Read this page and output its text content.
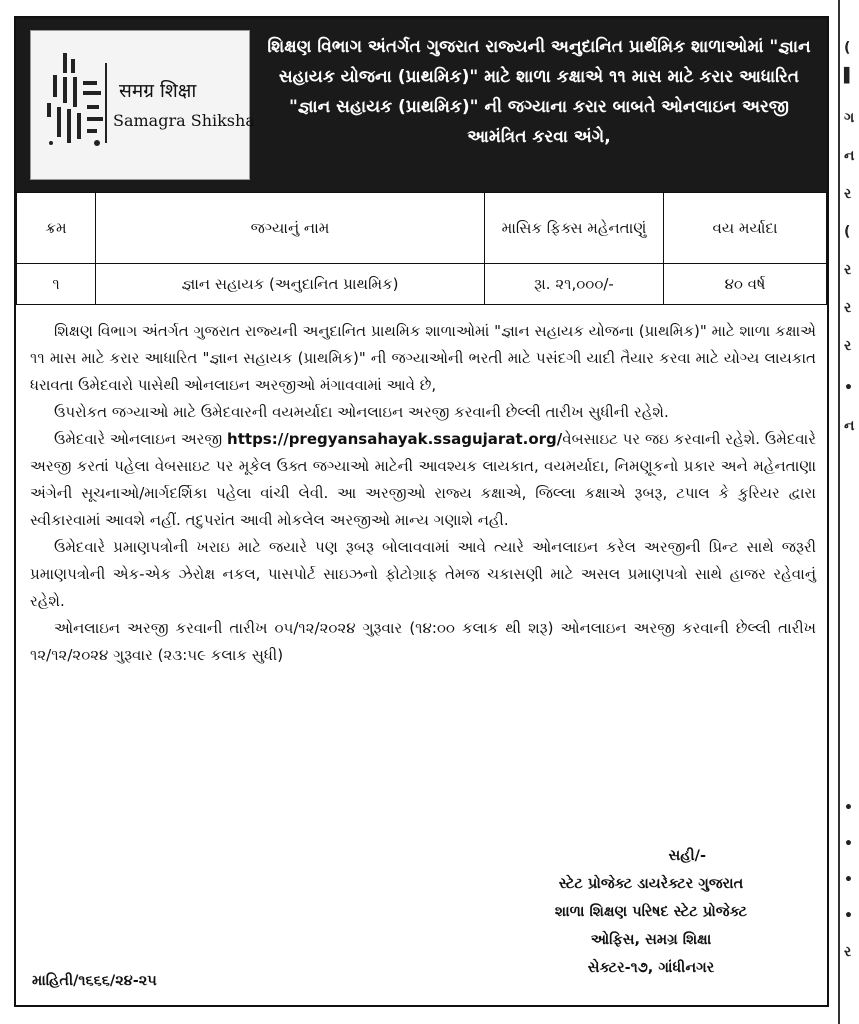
समग्र शिक्षा
Samagra Shiksha
શિક્ષણ વિભાગ અંતર્ગત ગુજરાત રાજ્યની અનુદાનિત પ્રાર્થમિક શાળાઓમાં "જ્ઞાન સહાયક યોજના (પ્રાથમિક)" માટે શાળા કક્ષાએ ૧૧ માસ માટે કરાર આધારિત "જ્ઞાન સહાયક (પ્રાથમિક)" ની જગ્યાના કરાર બાબતે ઓનલાઇન અરજી આમંત્રિત કરવા અંગે,
ક્રમ	જગ્યાનું નામ	માસિક ફિક્સ મહેનતાણું	વય મર્યાદા
૧	જ્ઞાન સહાયક (અનુદાનિત પ્રાથમિક)	રૂા. ૨૧,૦૦૦/-	૪૦ વર્ષ

શિક્ષણ વિભાગ અંતર્ગત ગુજરાત રાજ્યની અનુદાનિત પ્રાથમિક શાળાઓમાં "જ્ઞાન સહાયક યોજના (પ્રાથમિક)" માટે શાળા કક્ષાએ ૧૧ માસ માટે કરાર આધારિત "જ્ઞાન સહાયક (પ્રાથમિક)" ની જગ્યાઓની ભરતી માટે પસંદગી યાદી તૈયાર કરવા માટે યોગ્ય લાયકાત ધરાવતા ઉમેદવારો પાસેથી ઓનલાઇન અરજીઓ મંગાવવામાં આવે છે,

ઉપરોકત જગ્યાઓ માટે ઉમેદવારની વયમર્યાદા ઓનલાઇન અરજી કરવાની છેલ્લી તારીખ સુધીની રહેશે.

ઉમેદવારે ઓનલાઇન અરજી https://pregyansahayak.ssagujarat.org/વેબસાઇટ પર જઇ કરવાની રહેશે. ઉમેદવારે અરજી કરતાં પહેલા વેબસાઇટ પર મૂકેલ ઉક્ત જગ્યાઓ માટેની આવશ્યક લાયકાત, વયમર્યાદા, નિમણૂકનો પ્રકાર અને મહેનતાણા અંગેની સૂચનાઓ/માર્ગદર્શિકા પહેલા વાંચી લેવી. આ અરજીઓ રાજ્ય કક્ષાએ, જિલ્લા કક્ષાએ રૂબરૂ, ટપાલ કે કુરિયર દ્વારા સ્વીકારવામાં આવશે નહીં. તદુપરાંત આવી મોકલેલ અરજીઓ માન્ય ગણાશે નહી.

ઉમેદવારે પ્રમાણપત્રોની ખરાઇ માટે જયારે પણ રૂબરૂ બોલાવવામાં આવે ત્યારે ઓનલાઇન કરેલ અરજીની પ્રિન્ટ સાથે જરૂરી પ્રમાણપત્રોની એક-એક ઝેરોક્ષ નકલ, પાસપોર્ટ સાઇઝનો ફોટોગ્રાફ તેમજ ચકાસણી માટે અસલ પ્રમાણપત્રો સાથે હાજર રહેવાનું રહેશે.

ઓનલાઇન અરજી કરવાની તારીખ ૦૫/૧૨/૨૦૨૪ ગુરૂવાર (૧૪:૦૦ કલાક થી શરૂ) ઓનલાઇન અરજી કરવાની છેલ્લી તારીખ ૧૨/૧૨/૨૦૨૪ ગુરૂવાર (૨૩:૫૯ કલાક સુધી)

સહી/-
સ્ટેટ પ્રોજેક્ટ ડાયરેક્ટર ગુજરાત
શાળા શિક્ષણ પરિષદ સ્ટેટ પ્રોજેક્ટ
ઓફિસ, સમગ્ર શિક્ષા
સેક્ટર-૧૭, ગાંધીનગર
માહિતી/૧૬૬૬/૨૪-૨૫
(
▌
ગ
ન
ર
(
ર
ર
ર
•
ન
•
•
•
•
ર
